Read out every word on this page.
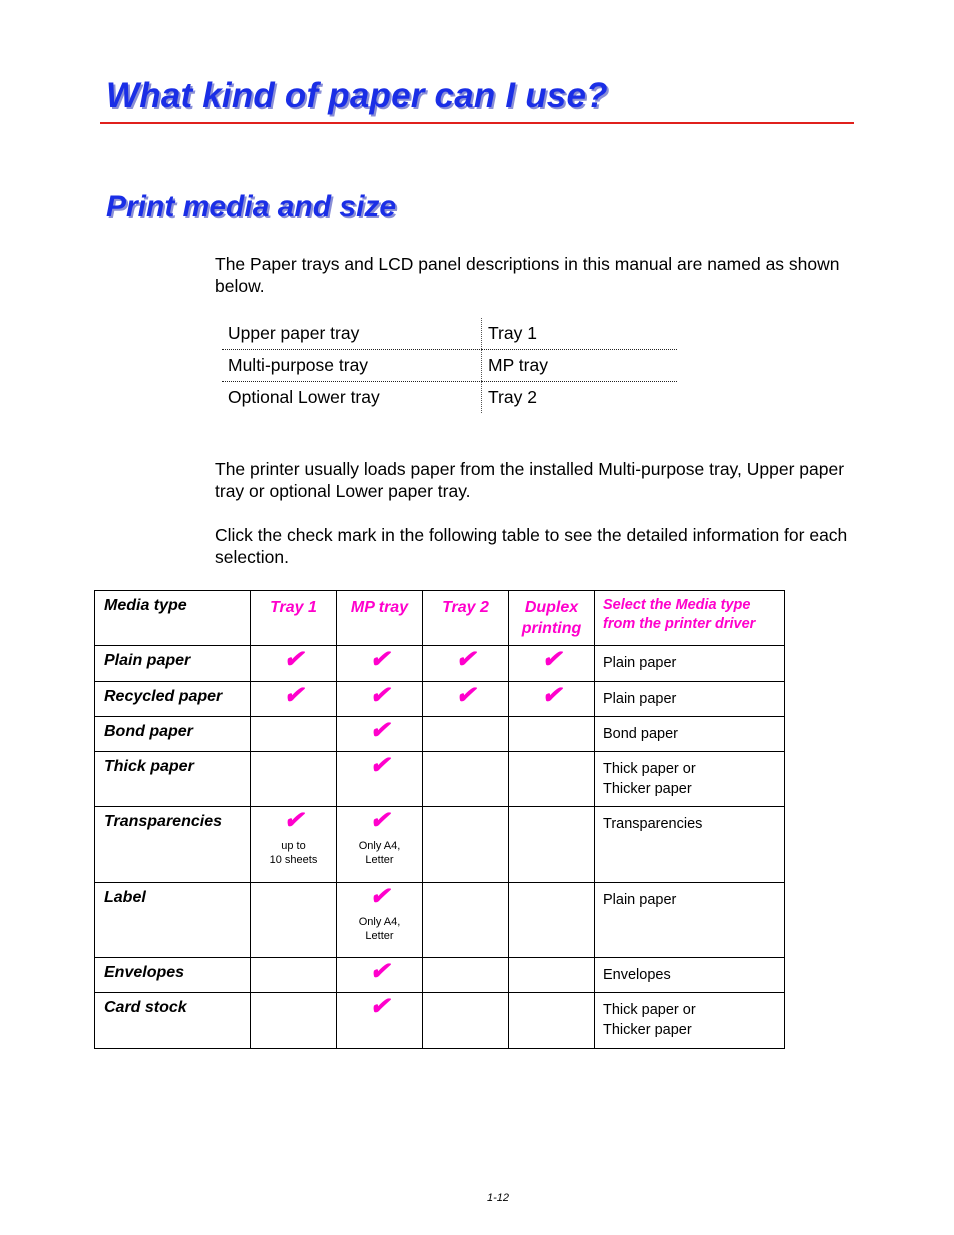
What kind of paper can I use?
Print media and size
The Paper trays and LCD panel descriptions in this manual are named as shown below.
Upper paper tray	Tray 1
Multi-purpose tray	MP tray
Optional Lower tray	Tray 2
The printer usually loads paper from the installed Multi-purpose tray, Upper paper tray or optional Lower paper tray.
Click the check mark in the following table to see the detailed information for each selection.
Media type	Tray 1	MP tray	Tray 2	Duplex printing	Select the Media type from the printer driver
Plain paper	✔	✔	✔	✔	Plain paper
Recycled paper	✔	✔	✔	✔	Plain paper
Bond paper		✔			Bond paper
Thick paper		✔			Thick paper or
Thicker paper
Transparencies	✔
up to
10 sheets	✔
Only A4,
Letter			Transparencies
Label		✔
Only A4,
Letter			Plain paper
Envelopes		✔			Envelopes
Card stock		✔			Thick paper or
Thicker paper
1-12
